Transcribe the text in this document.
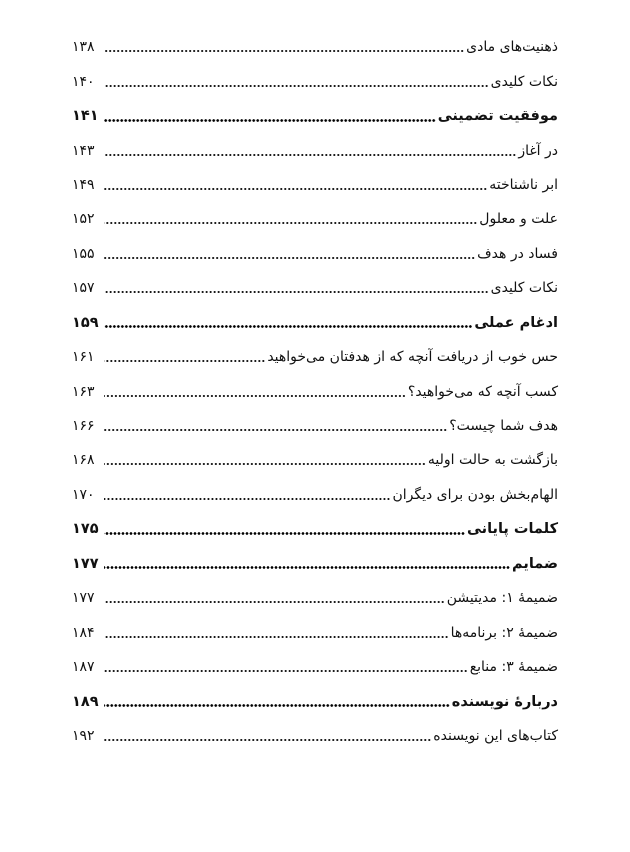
ذهنیت‌های مادی
۱۳۸
نکات کلیدی
۱۴۰
موفقیت تضمینی
۱۴۱
در آغاز
۱۴۳
ابر ناشناخته
۱۴۹
علت و معلول
۱۵۲
فساد در هدف
۱۵۵
نکات کلیدی
۱۵۷
ادغام عملی
۱۵۹
حس خوب از دریافت آنچه که از هدفتان می‌خواهید
۱۶۱
کسب آنچه که می‌خواهید؟
۱۶۳
هدف شما چیست؟
۱۶۶
بازگشت به حالت اولیه
۱۶۸
الهام‌بخش بودن برای دیگران
۱۷۰
کلمات پایانی
۱۷۵
ضمایم
۱۷۷
ضمیمۀ ۱: مدیتیشن
۱۷۷
ضمیمۀ ۲: برنامه‌ها
۱۸۴
ضمیمۀ ۳: منابع
۱۸۷
دربارۀ نویسنده
۱۸۹
کتاب‌های این نویسنده
۱۹۲
